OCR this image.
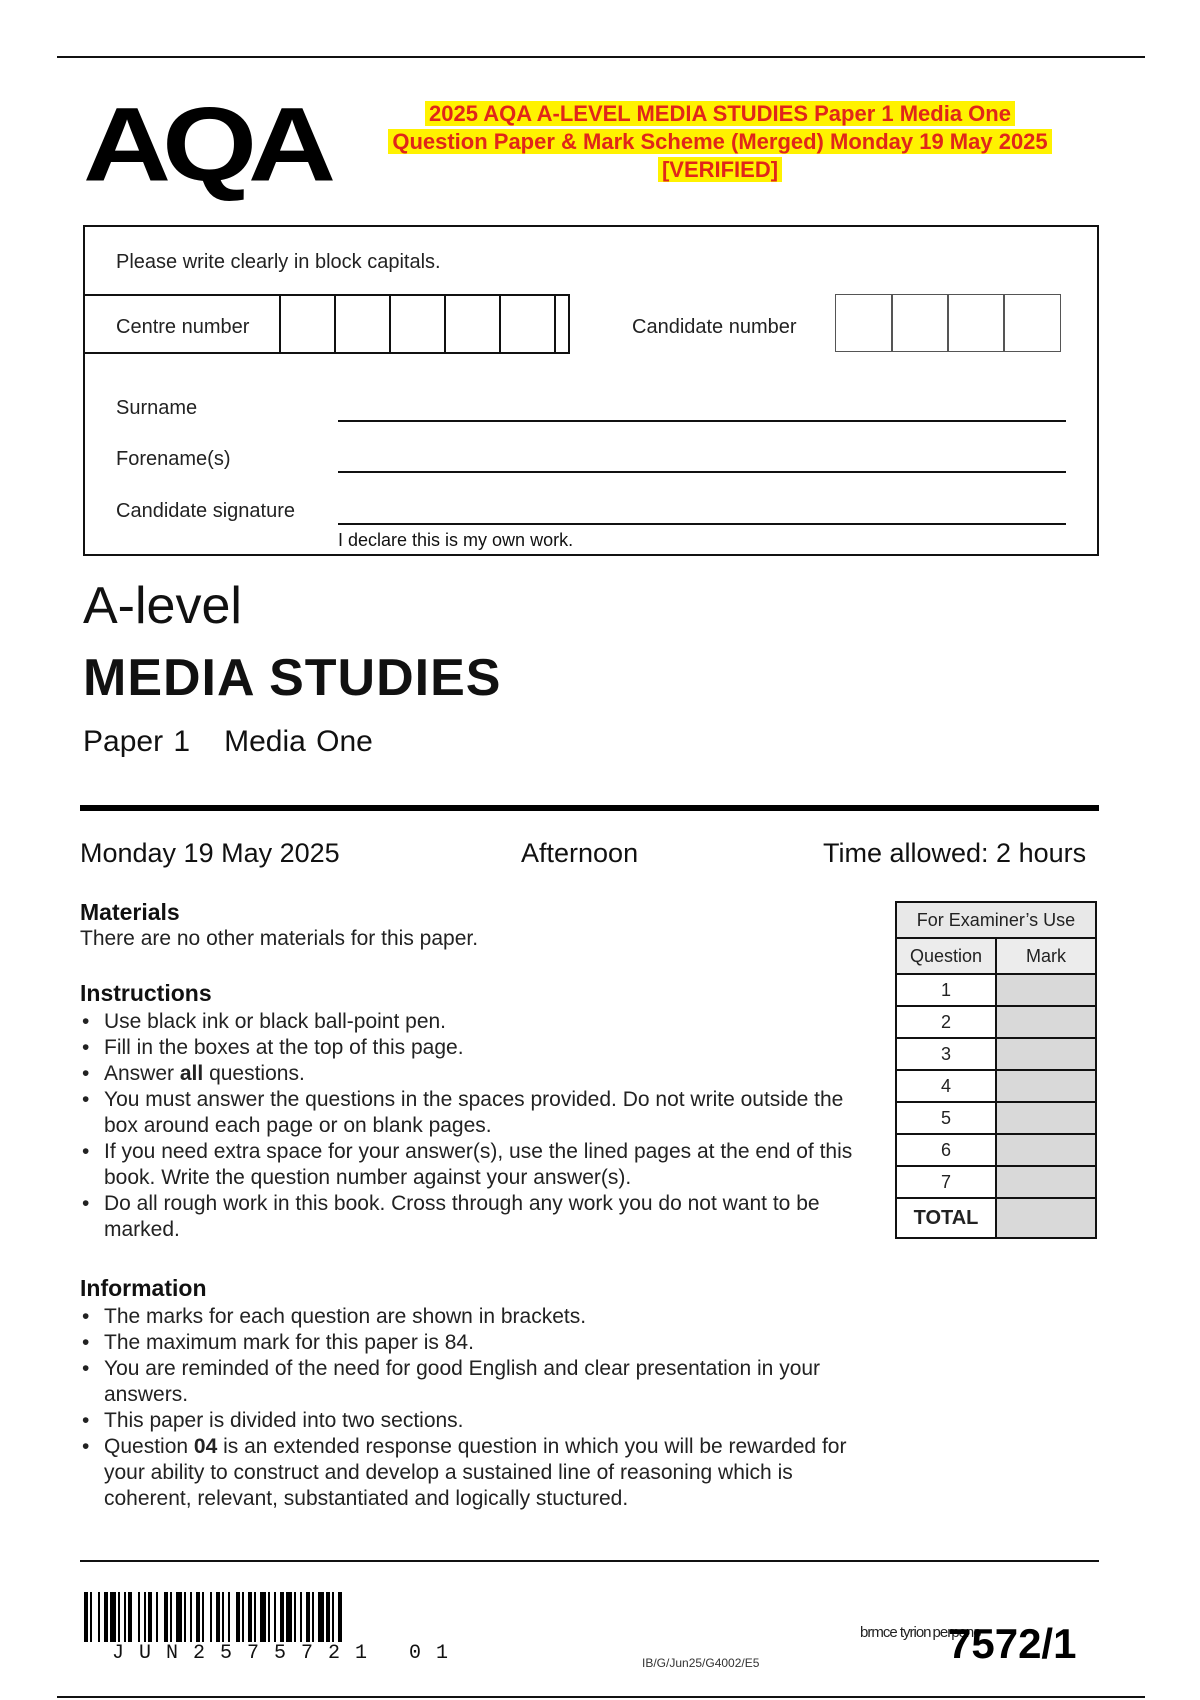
AQA	2025 AQA A-LEVEL MEDIA STUDIES Paper 1 Media One
Question Paper & Mark Scheme (Merged) Monday 19 May 2025
[VERIFIED]
Please write clearly in block capitals.
Centre number	Candidate number
Surname
Forename(s)
Candidate signature
I declare this is my own work.
A-level
MEDIA STUDIES
Paper 1 Media One
Monday 19 May 2025	Afternoon	Time allowed: 2 hours
Materials
There are no other materials for this paper.
Instructions
• Use black ink or black ball-point pen.
• Fill in the boxes at the top of this page.
• Answer all questions.
• You must answer the questions in the spaces provided. Do not write outside the box around each page or on blank pages.
• If you need extra space for your answer(s), use the lined pages at the end of this book. Write the question number against your answer(s).
• Do all rough work in this book. Cross through any work you do not want to be marked.
Information
• The marks for each question are shown in brackets.
• The maximum mark for this paper is 84.
• You are reminded of the need for good English and clear presentation in your answers.
• This paper is divided into two sections.
• Question 04 is an extended response question in which you will be rewarded for your ability to construct and develop a sustained line of reasoning which is coherent, relevant, substantiated and logically stuctured.
For Examiner’s Use	
Question	Mark
1	
2	
3	
4	
5	
6	
7	
TOTAL	
JUN2575721 01	IB/G/Jun25/G4002/E5
brmce tyrion perpeno
7572/1
